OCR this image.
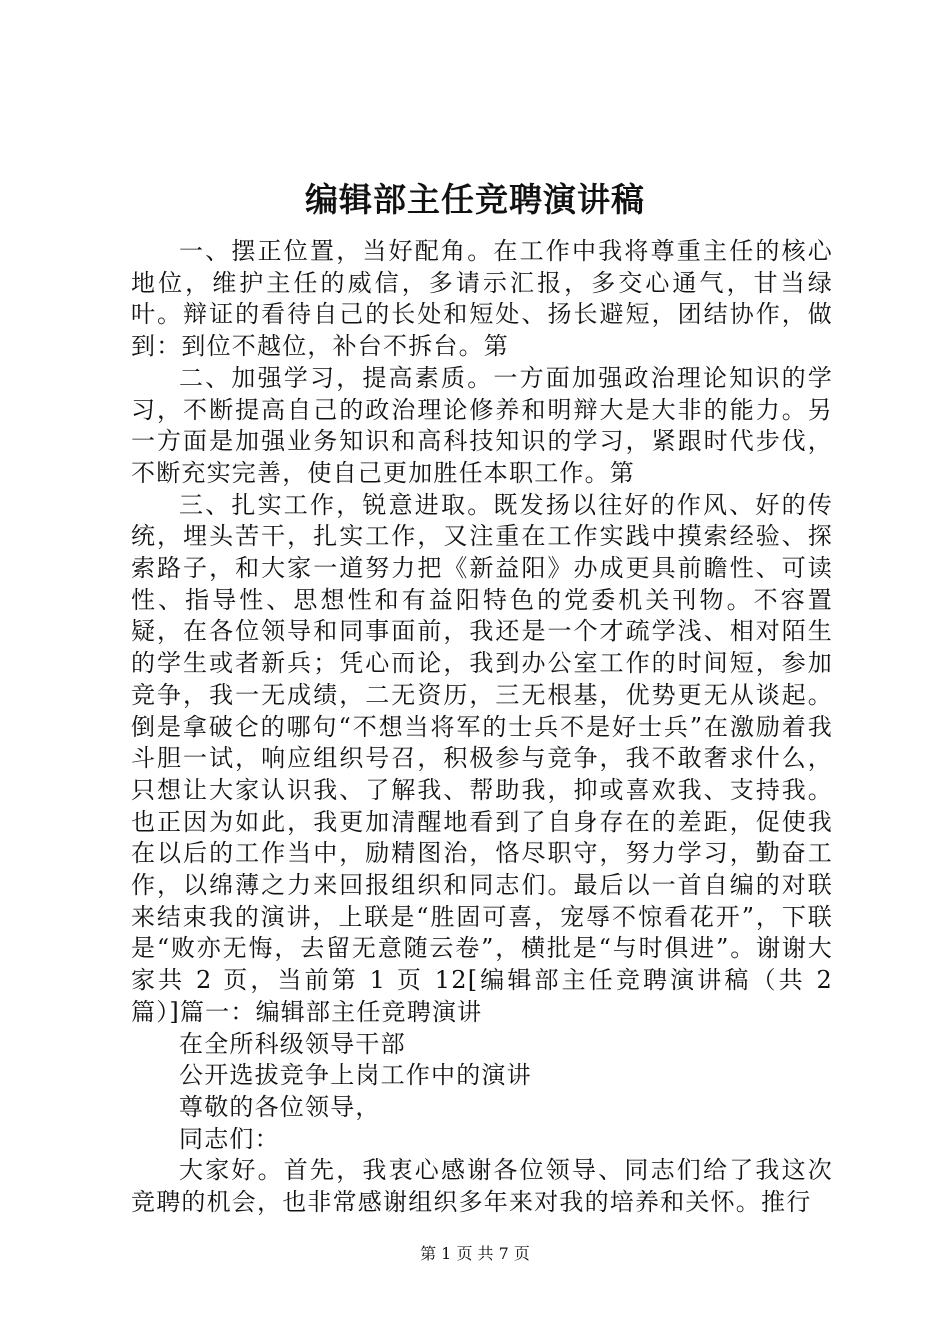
编辑部主任竞聘演讲稿

一、摆正位置，当好配角。在工作中我将尊重主任的核心地位，维护主任的威信，多请示汇报，多交心通气，甘当绿叶。辩证的看待自己的长处和短处、扬长避短，团结协作，做到：到位不越位，补台不拆台。第

二、加强学习，提高素质。一方面加强政治理论知识的学习，不断提高自己的政治理论修养和明辩大是大非的能力。另一方面是加强业务知识和高科技知识的学习，紧跟时代步伐，不断充实完善，使自己更加胜任本职工作。第

三、扎实工作，锐意进取。既发扬以往好的作风、好的传统，埋头苦干，扎实工作，又注重在工作实践中摸索经验、探索路子，和大家一道努力把《新益阳》办成更具前瞻性、可读性、指导性、思想性和有益阳特色的党委机关刊物。不容置疑，在各位领导和同事面前，我还是一个才疏学浅、相对陌生的学生或者新兵；凭心而论，我到办公室工作的时间短，参加竞争，我一无成绩，二无资历，三无根基，优势更无从谈起。倒是拿破仑的哪句“不想当将军的士兵不是好士兵”在激励着我斗胆一试，响应组织号召，积极参与竞争，我不敢奢求什么，只想让大家认识我、了解我、帮助我，抑或喜欢我、支持我。也正因为如此，我更加清醒地看到了自身存在的差距，促使我在以后的工作当中，励精图治，恪尽职守，努力学习，勤奋工作，以绵薄之力来回报组织和同志们。最后以一首自编的对联来结束我的演讲，上联是“胜固可喜，宠辱不惊看花开”，下联是“败亦无悔，去留无意随云卷”，横批是“与时俱进”。谢谢大家共 2 页，当前第 1 页 12[编辑部主任竞聘演讲稿（共 2 篇）]篇一：编辑部主任竞聘演讲

在全所科级领导干部

公开选拔竞争上岗工作中的演讲

尊敬的各位领导，

同志们：

大家好。首先，我衷心感谢各位领导、同志们给了我这次竞聘的机会，也非常感谢组织多年来对我的培养和关怀。推行

第 1 页 共 7 页
